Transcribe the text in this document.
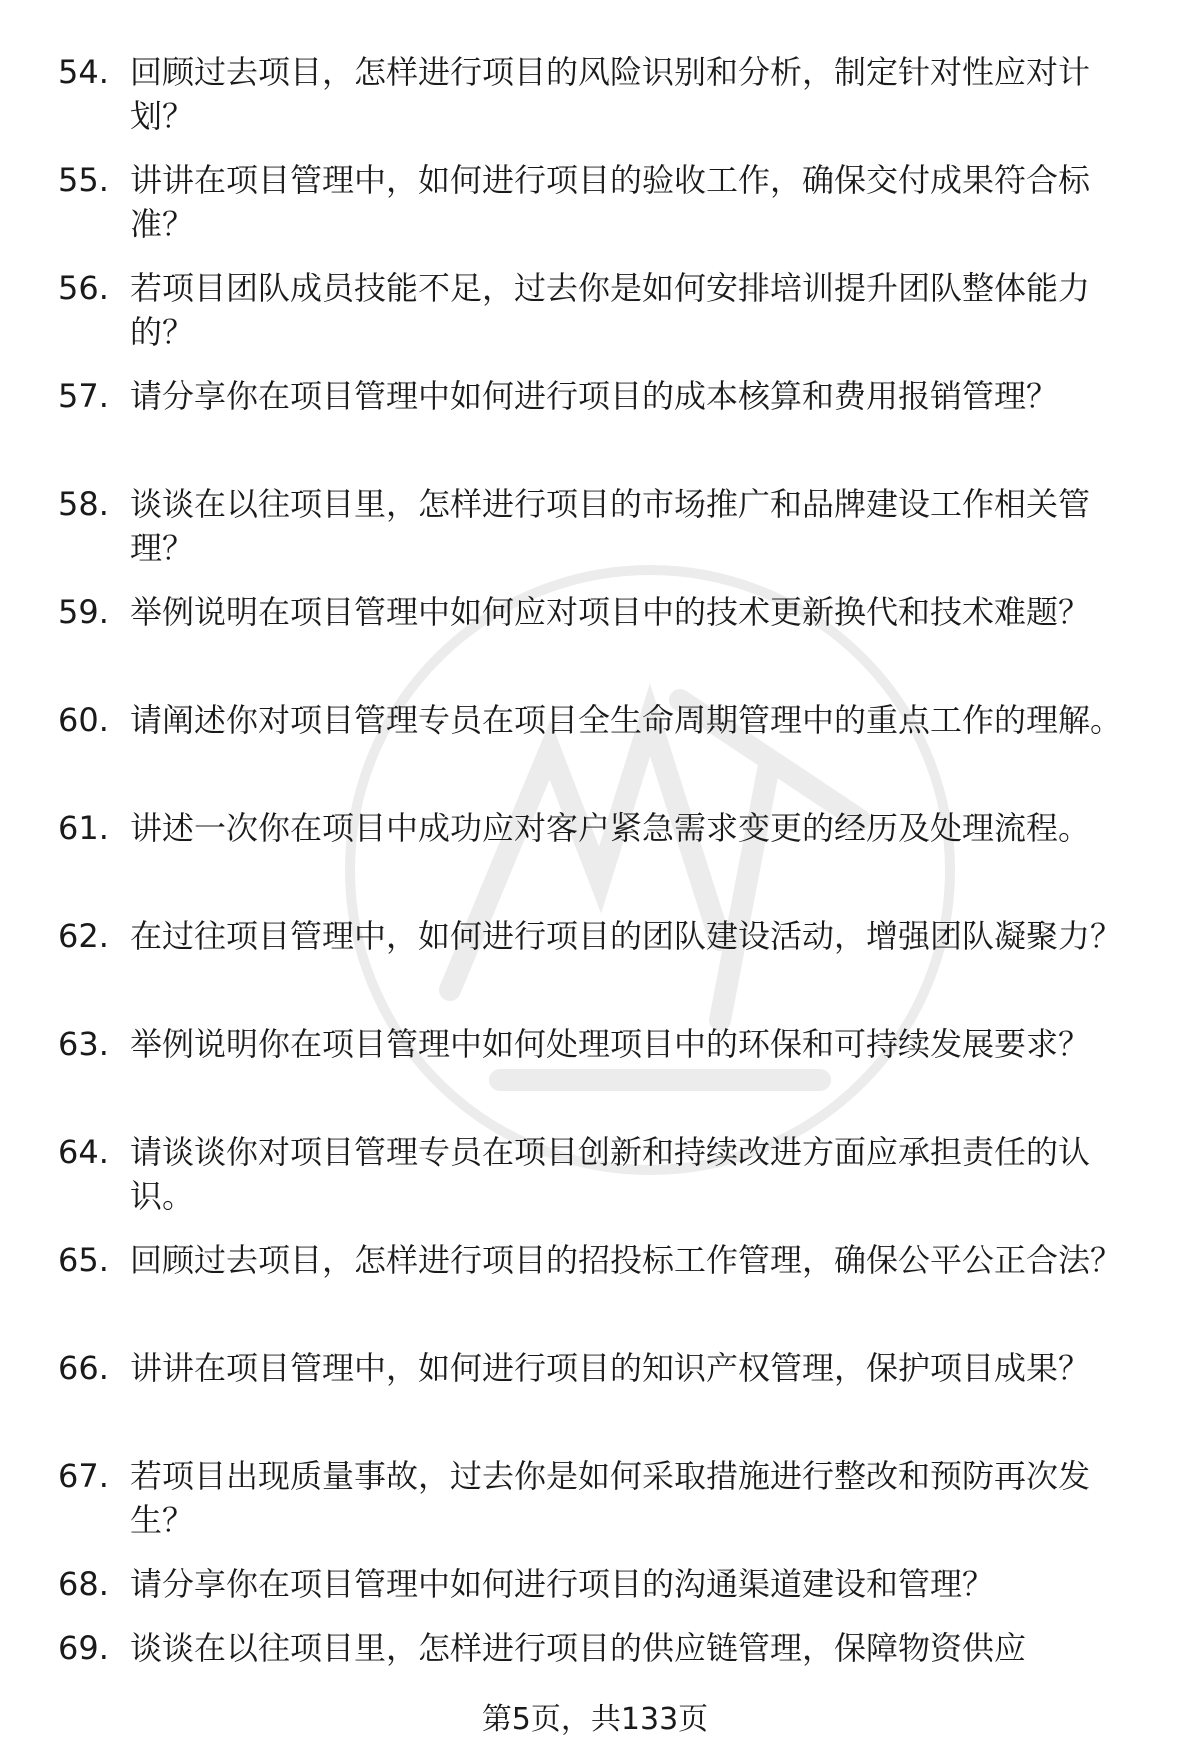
54. 回顾过去项目，怎样进行项目的风险识别和分析，制定针对性应对计划？
55. 讲讲在项目管理中，如何进行项目的验收工作，确保交付成果符合标准？
56. 若项目团队成员技能不足，过去你是如何安排培训提升团队整体能力的？
57. 请分享你在项目管理中如何进行项目的成本核算和费用报销管理？
58. 谈谈在以往项目里，怎样进行项目的市场推广和品牌建设工作相关管理？
59. 举例说明在项目管理中如何应对项目中的技术更新换代和技术难题？
60. 请阐述你对项目管理专员在项目全生命周期管理中的重点工作的理解。
61. 讲述一次你在项目中成功应对客户紧急需求变更的经历及处理流程。
62. 在过往项目管理中，如何进行项目的团队建设活动，增强团队凝聚力？
63. 举例说明你在项目管理中如何处理项目中的环保和可持续发展要求？
64. 请谈谈你对项目管理专员在项目创新和持续改进方面应承担责任的认识。
65. 回顾过去项目，怎样进行项目的招投标工作管理，确保公平公正合法？
66. 讲讲在项目管理中，如何进行项目的知识产权管理，保护项目成果？
67. 若项目出现质量事故，过去你是如何采取措施进行整改和预防再次发生？
68. 请分享你在项目管理中如何进行项目的沟通渠道建设和管理？
69. 谈谈在以往项目里，怎样进行项目的供应链管理，保障物资供应
第5页，共133页
